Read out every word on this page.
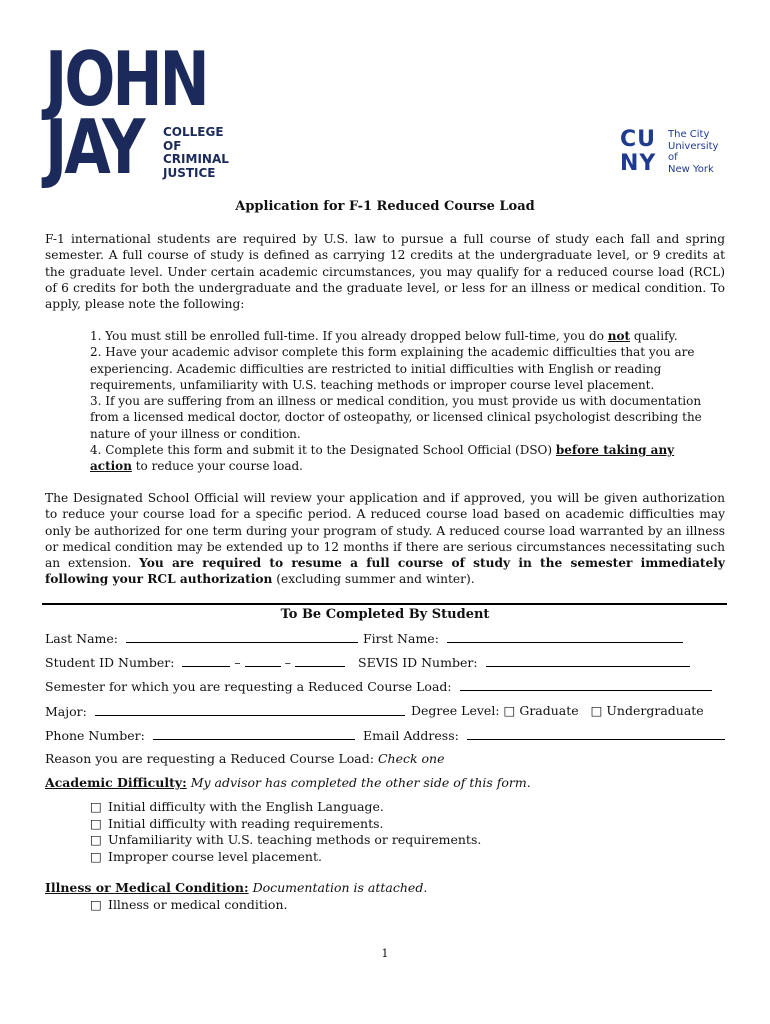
JOHN
JAY COLLEGE
OF
CRIMINAL
JUSTICE
CU
NY
The City
University
of
New York
Application for F-1 Reduced Course Load
F-1 international students are required by U.S. law to pursue a full course of study each fall and spring semester. A full course of study is defined as carrying 12 credits at the undergraduate level, or 9 credits at the graduate level. Under certain academic circumstances, you may qualify for a reduced course load (RCL) of 6 credits for both the undergraduate and the graduate level, or less for an illness or medical condition. To apply, please note the following:
1. You must still be enrolled full-time. If you already dropped below full-time, you do not qualify.
2. Have your academic advisor complete this form explaining the academic difficulties that you are experiencing. Academic difficulties are restricted to initial difficulties with English or reading requirements, unfamiliarity with U.S. teaching methods or improper course level placement.
3. If you are suffering from an illness or medical condition, you must provide us with documentation from a licensed medical doctor, doctor of osteopathy, or licensed clinical psychologist describing the nature of your illness or condition.
4. Complete this form and submit it to the Designated School Official (DSO) before taking any action to reduce your course load.
The Designated School Official will review your application and if approved, you will be given authorization to reduce your course load for a specific period. A reduced course load based on academic difficulties may only be authorized for one term during your program of study. A reduced course load warranted by an illness or medical condition may be extended up to 12 months if there are serious circumstances necessitating such an extension. You are required to resume a full course of study in the semester immediately following your RCL authorization (excluding summer and winter).
To Be Completed By Student
Last Name:	First Name:
Student ID Number:	–	–	SEVIS ID Number:
Semester for which you are requesting a Reduced Course Load:
Major:	Degree Level: □ Graduate □ Undergraduate
Phone Number:	Email Address:
Reason you are requesting a Reduced Course Load: Check one
Academic Difficulty: My advisor has completed the other side of this form.
□ Initial difficulty with the English Language.
□ Initial difficulty with reading requirements.
□ Unfamiliarity with U.S. teaching methods or requirements.
□ Improper course level placement.
Illness or Medical Condition: Documentation is attached.
□ Illness or medical condition.
1
